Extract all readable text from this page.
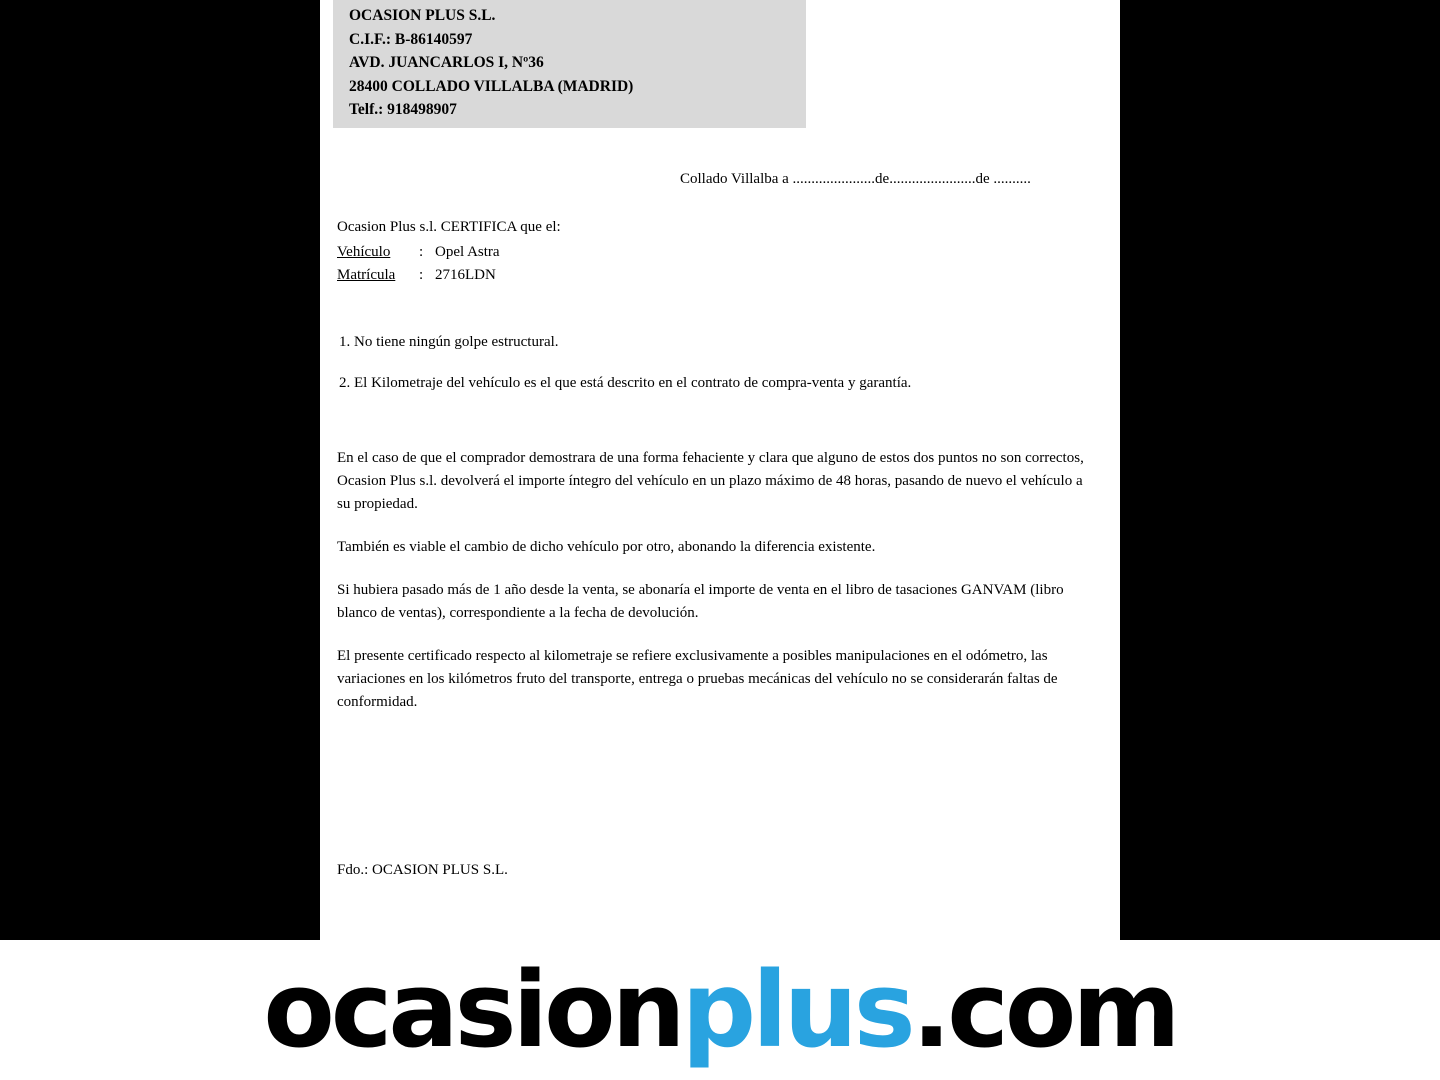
OCASION PLUS S.L.
C.I.F.: B-86140597
AVD. JUANCARLOS I, Nº36
28400 COLLADO VILLALBA (MADRID)
Telf.: 918498907
Collado Villalba a ......................de.......................de ..........

Ocasion Plus s.l. CERTIFICA que el:

Vehículo	: Opel Astra
Matrícula	: 2716LDN

1. No tiene ningún golpe estructural.

2. El Kilometraje del vehículo es el que está descrito en el contrato de compra-venta y garantía.

En el caso de que el comprador demostrara de una forma fehaciente y clara que alguno de estos dos puntos no son correctos, Ocasion Plus s.l. devolverá el importe íntegro del vehículo en un plazo máximo de 48 horas, pasando de nuevo el vehículo a su propiedad.

También es viable el cambio de dicho vehículo por otro, abonando la diferencia existente.

Si hubiera pasado más de 1 año desde la venta, se abonaría el importe de venta en el libro de tasaciones GANVAM (libro blanco de ventas), correspondiente a la fecha de devolución.

El presente certificado respecto al kilometraje se refiere exclusivamente a posibles manipulaciones en el odómetro, las variaciones en los kilómetros fruto del transporte, entrega o pruebas mecánicas del vehículo no se considerarán faltas de conformidad.

Fdo.: OCASION PLUS S.L.
ocasionplus.com
